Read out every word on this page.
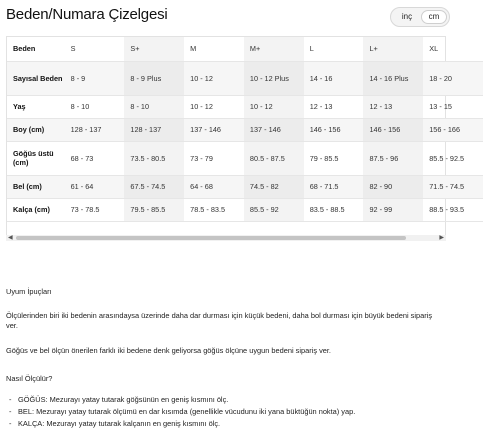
Beden/Numara Çizelgesi	inç	cm
Beden	S	S+	M	M+	L	L+	XL
Sayısal Beden	8 - 9	8 - 9 Plus	10 - 12	10 - 12 Plus	14 - 16	14 - 16 Plus	18 - 20
Yaş	8 - 10	8 - 10	10 - 12	10 - 12	12 - 13	12 - 13	13 - 15
Boy (cm)	128 - 137	128 - 137	137 - 146	137 - 146	146 - 156	146 - 156	156 - 166
Göğüs üstü (cm)	68 - 73	73.5 - 80.5	73 - 79	80.5 - 87.5	79 - 85.5	87.5 - 96	85.5 - 92.5
Bel (cm)	61 - 64	67.5 - 74.5	64 - 68	74.5 - 82	68 - 71.5	82 - 90	71.5 - 74.5
Kalça (cm)	73 - 78.5	79.5 - 85.5	78.5 - 83.5	85.5 - 92	83.5 - 88.5	92 - 99	88.5 - 93.5
◀	▶

Uyum İpuçları

Ölçülerinden biri iki bedenin arasındaysa üzerinde daha dar durması için küçük bedeni, daha bol durması için büyük bedeni sipariş ver.

Göğüs ve bel ölçün önerilen farklı iki bedene denk geliyorsa göğüs ölçüne uygun bedeni sipariş ver.

Nasıl Ölçülür?

- GÖĞÜS: Mezurayı yatay tutarak göğsünün en geniş kısmını ölç.
- BEL: Mezurayı yatay tutarak ölçümü en dar kısımda (genellikle vücudunu iki yana büktüğün nokta) yap.
- KALÇA: Mezurayı yatay tutarak kalçanın en geniş kısmını ölç.
